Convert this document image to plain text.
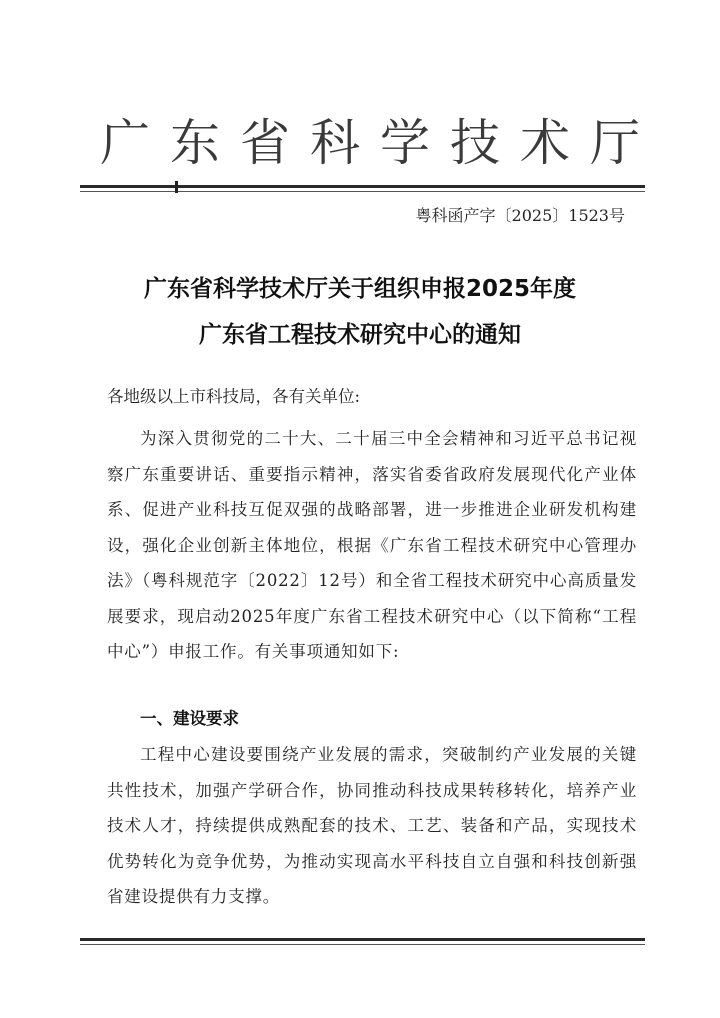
广 东 省 科 学 技 术 厅
粤科函产字〔2025〕1523号
广东省科学技术厅关于组织申报2025年度
广东省工程技术研究中心的通知
各地级以上市科技局，各有关单位:
为深入贯彻党的二十大、二十届三中全会精神和习近平总书记视察广东重要讲话、重要指示精神，落实省委省政府发展现代化产业体系、促进产业科技互促双强的战略部署，进一步推进企业研发机构建设，强化企业创新主体地位，根据《广东省工程技术研究中心管理办法》（粤科规范字〔2022〕12号）和全省工程技术研究中心高质量发展要求，现启动2025年度广东省工程技术研究中心（以下简称“工程中心”）申报工作。有关事项通知如下:
一、建设要求
工程中心建设要围绕产业发展的需求，突破制约产业发展的关键共性技术，加强产学研合作，协同推动科技成果转移转化，培养产业技术人才，持续提供成熟配套的技术、工艺、装备和产品，实现技术优势转化为竞争优势，为推动实现高水平科技自立自强和科技创新强省建设提供有力支撑。
